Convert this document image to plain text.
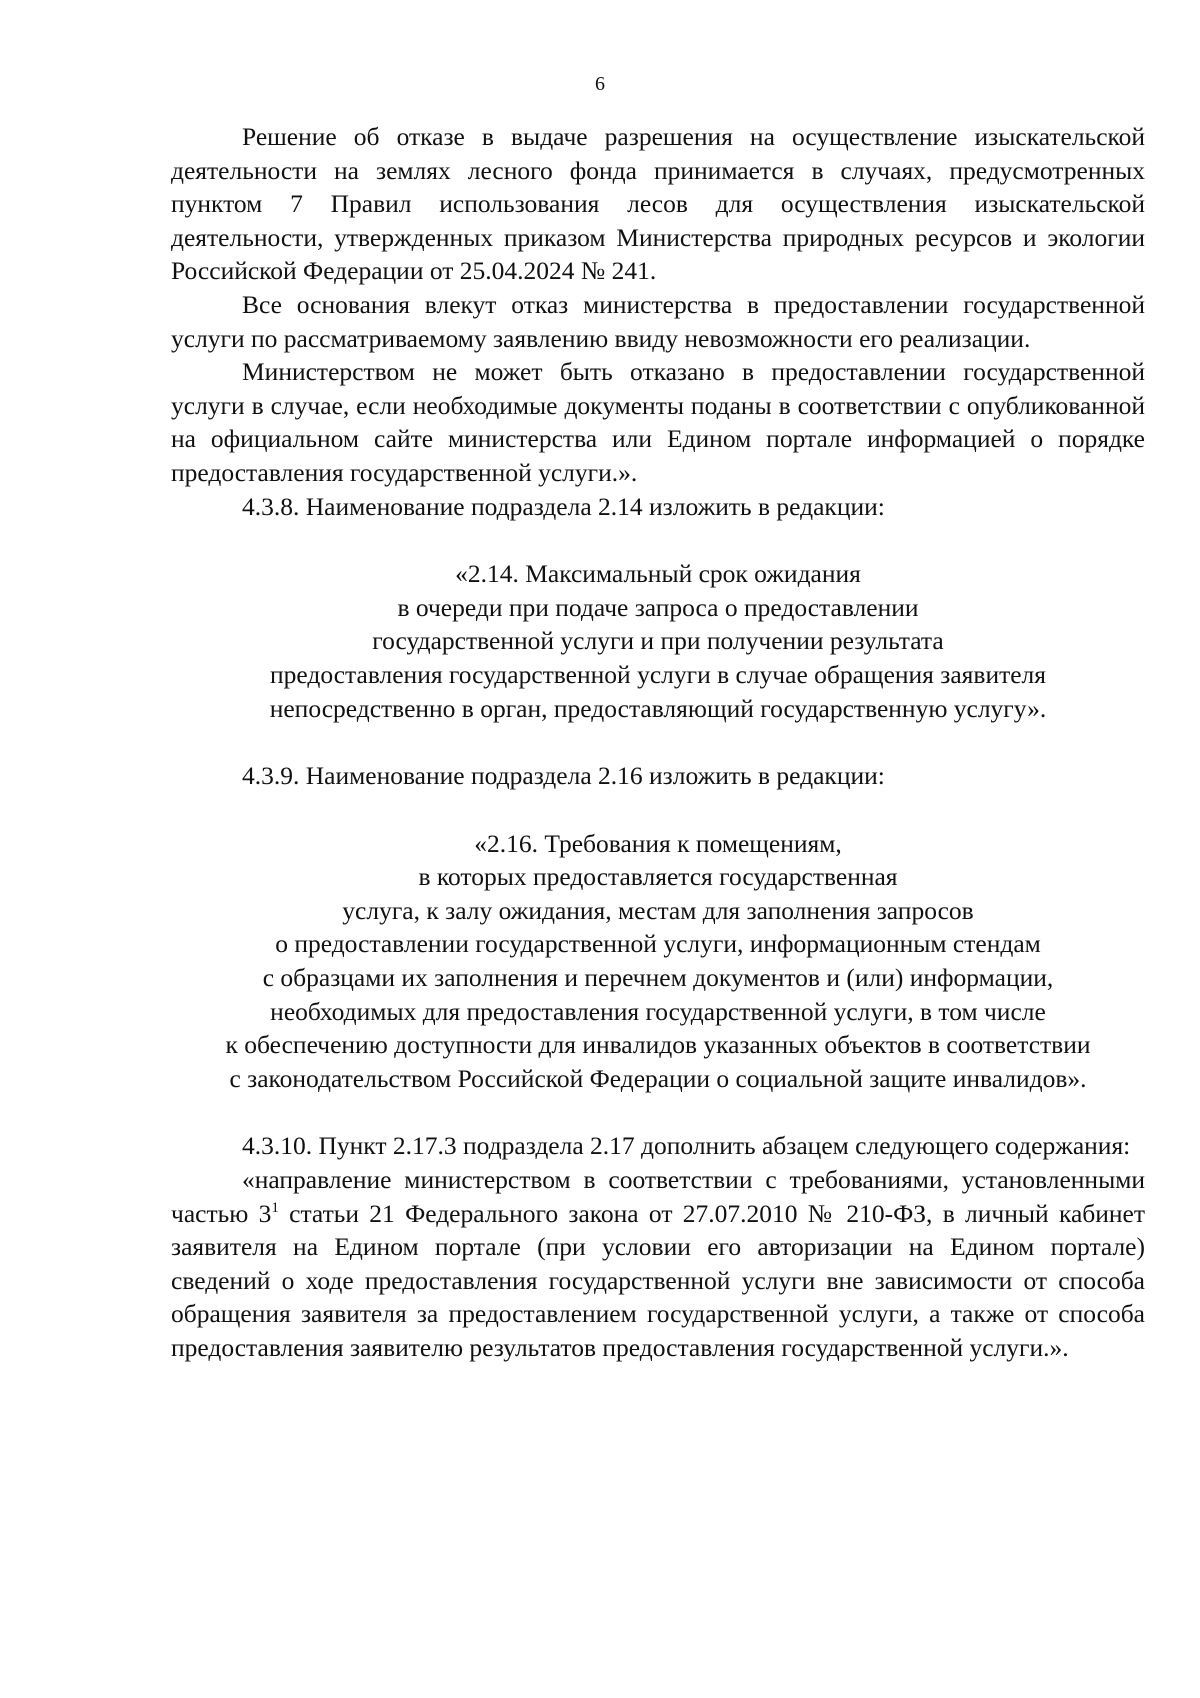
6

Решение об отказе в выдаче разрешения на осуществление изыскательской деятельности на землях лесного фонда принимается в случаях, предусмотренных пунктом 7 Правил использования лесов для осуществления изыскательской деятельности, утвержденных приказом Министерства природных ресурсов и экологии Российской Федерации от 25.04.2024 № 241.

Все основания влекут отказ министерства в предоставлении государственной услуги по рассматриваемому заявлению ввиду невозможности его реализации.

Министерством не может быть отказано в предоставлении государственной услуги в случае, если необходимые документы поданы в соответствии с опубликованной на официальном сайте министерства или Едином портале информацией о порядке предоставления государственной услуги.».

4.3.8. Наименование подраздела 2.14 изложить в редакции:

«2.14. Максимальный срок ожидания
в очереди при подаче запроса о предоставлении
государственной услуги и при получении результата
предоставления государственной услуги в случае обращения заявителя
непосредственно в орган, предоставляющий государственную услугу».

4.3.9. Наименование подраздела 2.16 изложить в редакции:

«2.16. Требования к помещениям,
в которых предоставляется государственная
услуга, к залу ожидания, местам для заполнения запросов
о предоставлении государственной услуги, информационным стендам
с образцами их заполнения и перечнем документов и (или) информации,
необходимых для предоставления государственной услуги, в том числе
к обеспечению доступности для инвалидов указанных объектов в соответствии
с законодательством Российской Федерации о социальной защите инвалидов».

4.3.10. Пункт 2.17.3 подраздела 2.17 дополнить абзацем следующего содержания:

«направление министерством в соответствии с требованиями, установленными частью $3^1$ статьи 21 Федерального закона от 27.07.2010 № 210-ФЗ, в личный кабинет заявителя на Едином портале (при условии его авторизации на Едином портале) сведений о ходе предоставления государственной услуги вне зависимости от способа обращения заявителя за предоставлением государственной услуги, а также от способа предоставления заявителю результатов предоставления государственной услуги.».
